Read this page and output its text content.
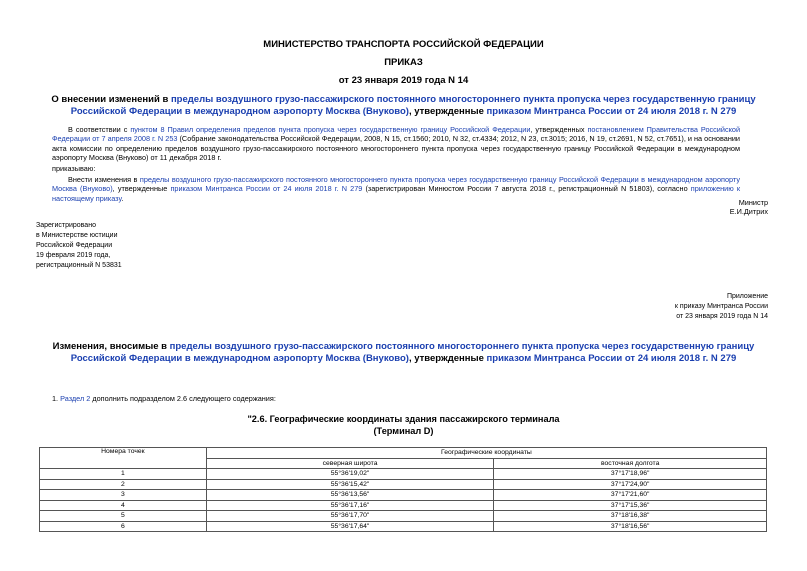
МИНИСТЕРСТВО ТРАНСПОРТА РОССИЙСКОЙ ФЕДЕРАЦИИ
ПРИКАЗ
от 23 января 2019 года N 14
О внесении изменений в пределы воздушного грузо-пассажирского постоянного многостороннего пункта пропуска через государственную границу Российской Федерации в международном аэропорту Москва (Внуково), утвержденные приказом Минтранса России от 24 июля 2018 г. N 279
В соответствии с пунктом 8 Правил определения пределов пункта пропуска через государственную границу Российской Федерации, утвержденных постановлением Правительства Российской Федерации от 7 апреля 2008 г. N 253 (Собрание законодательства Российской Федерации, 2008, N 15, ст.1560; 2010, N 32, ст.4334; 2012, N 23, ст.3015; 2016, N 19, ст.2691, N 52, ст.7651), и на основании акта комиссии по определению пределов воздушного грузо-пассажирского постоянного многостороннего пункта пропуска через государственную границу Российской Федерации в международном аэропорту Москва (Внуково) от 11 декабря 2018 г.
приказываю:
Внести изменения в пределы воздушного грузо-пассажирского постоянного многостороннего пункта пропуска через государственную границу Российской Федерации в международном аэропорту Москва (Внуково), утвержденные приказом Минтранса России от 24 июля 2018 г. N 279 (зарегистрирован Минюстом России 7 августа 2018 г., регистрационный N 51803), согласно приложению к настоящему приказу.	Министр
Е.И.Дитрих
Зарегистрировано
в Министерстве юстиции
Российской Федерации
19 февраля 2019 года,
регистрационный N 53831
Приложение
к приказу Минтранса России
от 23 января 2019 года N 14
Изменения, вносимые в пределы воздушного грузо-пассажирского постоянного многостороннего пункта пропуска через государственную границу Российской Федерации в международном аэропорту Москва (Внуково), утвержденные приказом Минтранса России от 24 июля 2018 г. N 279
1. Раздел 2 дополнить подразделом 2.6 следующего содержания:
"2.6. Географические координаты здания пассажирского терминала
(Терминал D)
Номера точек	Географические координаты	
	северная широта	восточная долгота
1	55°36'19,02"	37°17'18,96"
2	55°36'15,42"	37°17'24,90"
3	55°36'13,56"	37°17'21,60"
4	55°36'17,16"	37°17'15,36"
5	55°36'17,70"	37°18'16,38"
6	55°36'17,64"	37°18'16,56"
